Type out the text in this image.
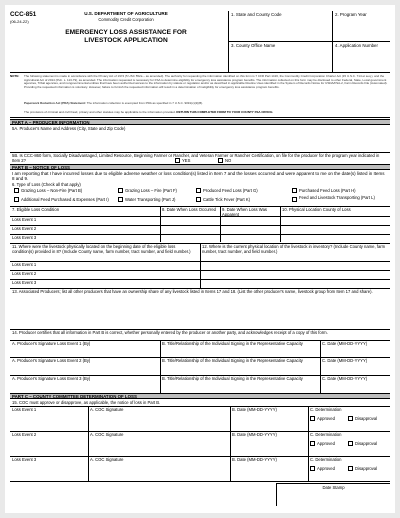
CCC-851
(06-24-22)
U.S. DEPARTMENT OF AGRICULTURE
Commodity Credit Corporation
EMERGENCY LOSS ASSISTANCE FOR
LIVESTOCK APPLICATION
1. State and County Code	2. Program Year
3. County Office Name	4. Application Number
NOTE: The following statement is made in accordance with the Privacy Act of 1974 (5 USC 552a – as amended). The authority for requesting the information identified on this form is 7 CFR Part 1416, the Commodity Credit Corporation Charter Act (15 U.S.C. 714 et seq.), and the Agricultural Act of 2014 (Pub. L. 113-79), as amended. The information requested is necessary for FSA to determine eligibility for emergency loss assistance program benefits. The information collected on this form may be disclosed to other Federal, State, Local government agencies, Tribal agencies, and nongovernmental entities that have been authorized access to the information by statute or regulation and/or as described in applicable Routine Uses identified in the System of Records Notice for USDA/FSA-2, Farm Records File (Automated). Providing the requested information is voluntary. However, failure to furnish the requested information will result in a determination of ineligibility for emergency loss assistance program benefits.
Paperwork Reduction Act (PRA) Statement: The information collection is exempted from PRA as specified in 7 U.S.C. 9091(c)(2)(B).
The provisions of criminal and civil fraud, privacy and other statutes may be applicable to the information provided. RETURN THIS COMPLETED FORM TO YOUR COUNTY FSA OFFICE.
PART A – PRODUCER INFORMATION
5A. Producer's Name and Address (City, State and Zip Code)
5B. Is CCC-860 form, Socially Disadvantaged, Limited Resource, Beginning Farmer or Rancher, and Veteran Farmer or Rancher Certification, on file for the producer for the program year indicated in Item 2?	YES	NO
PART B – NOTICE OF LOSS
I am reporting that I have incurred losses due to eligible adverse weather or loss condition(s) listed in Item 7 and the losses occurred and were apparent to me on the date(s) listed in Items 8 and 9.
6. Type of Loss (Check all that apply)
Grazing Loss – Non-Fire (Part B)	Grazing Loss – Fire (Part F)	Produced Feed Loss (Part G)	Purchased Feed Loss (Part H)
Additional Feed Purchased & Expenses (Part I)	Water Transporting (Part J)	Cattle Tick Fever (Part K)	Feed and Livestock Transporting (Part L)
7. Eligible Loss Condition	8. Date When Loss Occurred	9. Date When Loss Was Apparent
10. Physical Location County of Loss
Loss Event 1
Loss Event 2
Loss Event 3
11. Where were the livestock physically located on the beginning date of the eligible loss condition(s) provided in 8? (Include County name, farm number, tract number, and field number.)
12. Where is the current physical location of the livestock in inventory? (Include County name, farm number, tract number, and field number.)
Loss Event 1
Loss Event 2
Loss Event 3
13. Associated Producers; list all other producers that have an ownership share of any livestock listed in Items 17 and 18. (List the other producer's name, livestock group from Item 17 and share).
14. Producer certifies that all information in Part B is correct, whether personally entered by the producer or another party, and acknowledges receipt of a copy of this form.
A. Producer's Signature Loss Event 1 (By)	B. Title/Relationship of the Individual Signing in the Representative Capacity	C. Date (MM-DD-YYYY)
A. Producer's Signature Loss Event 2 (By)	B. Title/Relationship of the Individual Signing in the Representative Capacity	C. Date (MM-DD-YYYY)
A. Producer's Signature Loss Event 3 (By)	B. Title/Relationship of the Individual Signing in the Representative Capacity	C. Date (MM-DD-YYYY)
PART C – COUNTY COMMITTEE DETERMINATION OF LOSS
15. COC must approve or disapprove, as applicable, the notice of loss in Part B.
Loss Event 1	A. COC Signature	B. Date (MM-DD-YYYY)	C. Determination
Approved	Disapproval
Loss Event 2	A. COC Signature	B. Date (MM-DD-YYYY)	C. Determination
Approved	Disapproval
Loss Event 3	A. COC Signature	B. Date (MM-DD-YYYY)	C. Determination
Approved	Disapproval
Date Stamp
